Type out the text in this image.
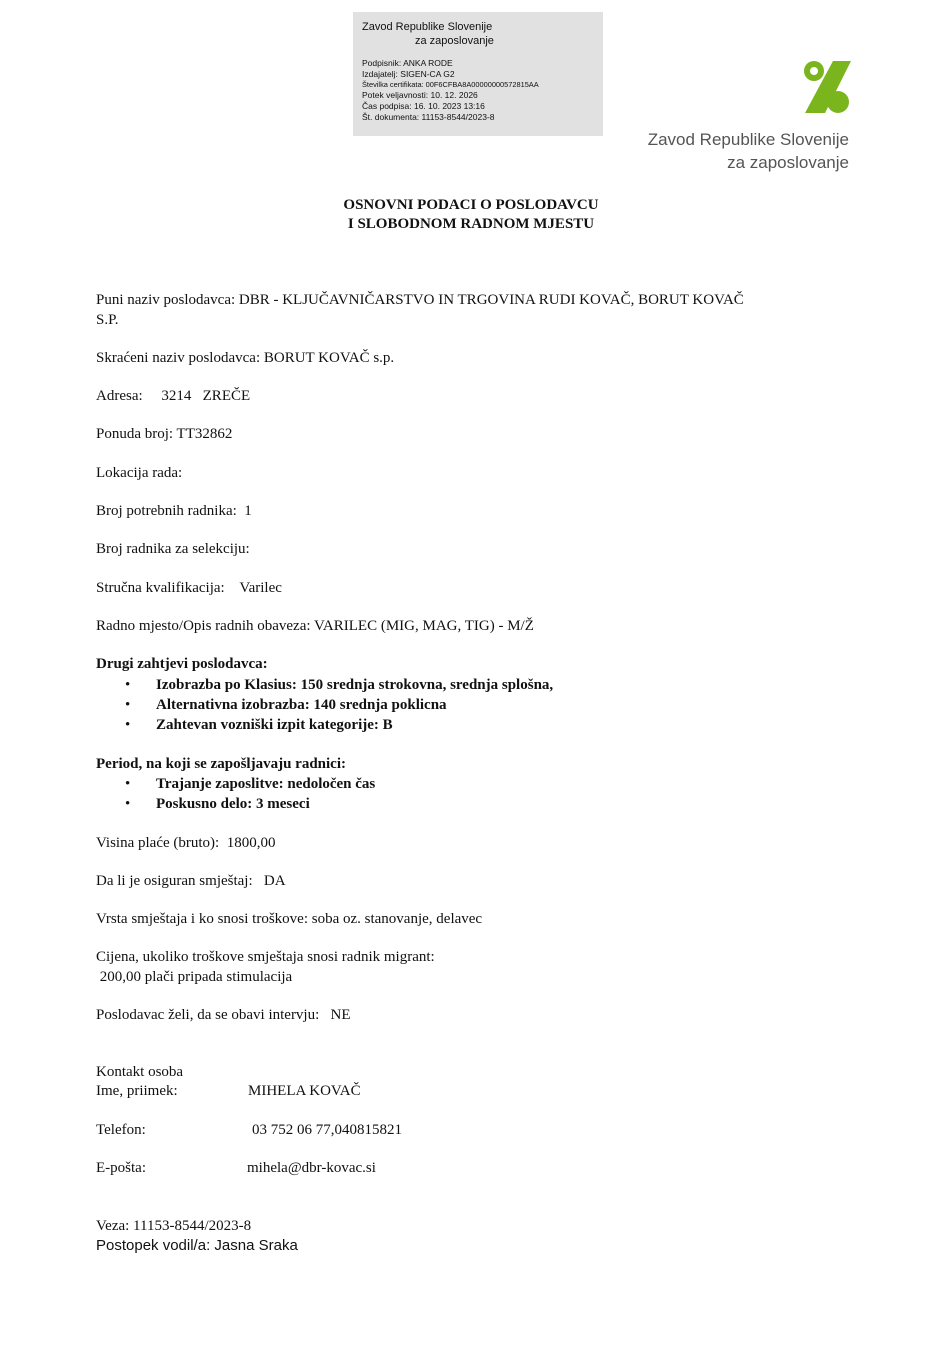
Zavod Republike Slovenije
za zaposlovanje
Podpisnik: ANKA RODE
Izdajatelj: SIGEN-CA G2
Številka certifikata: 00F6CFBA8A00000000572815AA
Potek veljavnosti: 10. 12. 2026
Čas podpisa: 16. 10. 2023 13:16
Št. dokumenta: 11153-8544/2023-8
Zavod Republike Slovenije
za zaposlovanje
OSNOVNI PODACI O POSLODAVCU
I SLOBODNOM RADNOM MJESTU
Puni naziv poslodavca: DBR - KLJUČAVNIČARSTVO IN TRGOVINA RUDI KOVAČ, BORUT KOVAČ
S.P.
Skraćeni naziv poslodavca: BORUT KOVAČ s.p.
Adresa:     3214   ZREČE
Ponuda broj: TT32862
Lokacija rada:
Broj potrebnih radnika:  1
Broj radnika za selekciju:
Stručna kvalifikacija:    Varilec
Radno mjesto/Opis radnih obaveza: VARILEC (MIG, MAG, TIG) - M/Ž
Drugi zahtjevi poslodavca:
•
Izobrazba po Klasius: 150 srednja strokovna, srednja splošna,
•
Alternativna izobrazba: 140 srednja poklicna
•
Zahtevan vozniški izpit kategorije: B
Period, na koji se zapošljavaju radnici:
•
Trajanje zaposlitve: nedoločen čas
•
Poskusno delo: 3 meseci
Visina plaće (bruto):  1800,00
Da li je osiguran smještaj:   DA
Vrsta smještaja i ko snosi troškove: soba oz. stanovanje, delavec
Cijena, ukoliko troškove smještaja snosi radnik migrant:
200,00 plači pripada stimulacija
Poslodavac želi, da se obavi intervju:   NE
Kontakt osoba
Ime, priimek:	MIHELA KOVAČ
Telefon:	03 752 06 77,040815821
E-pošta:	mihela@dbr-kovac.si
Veza: 11153-8544/2023-8
Postopek vodil/a: Jasna Sraka
